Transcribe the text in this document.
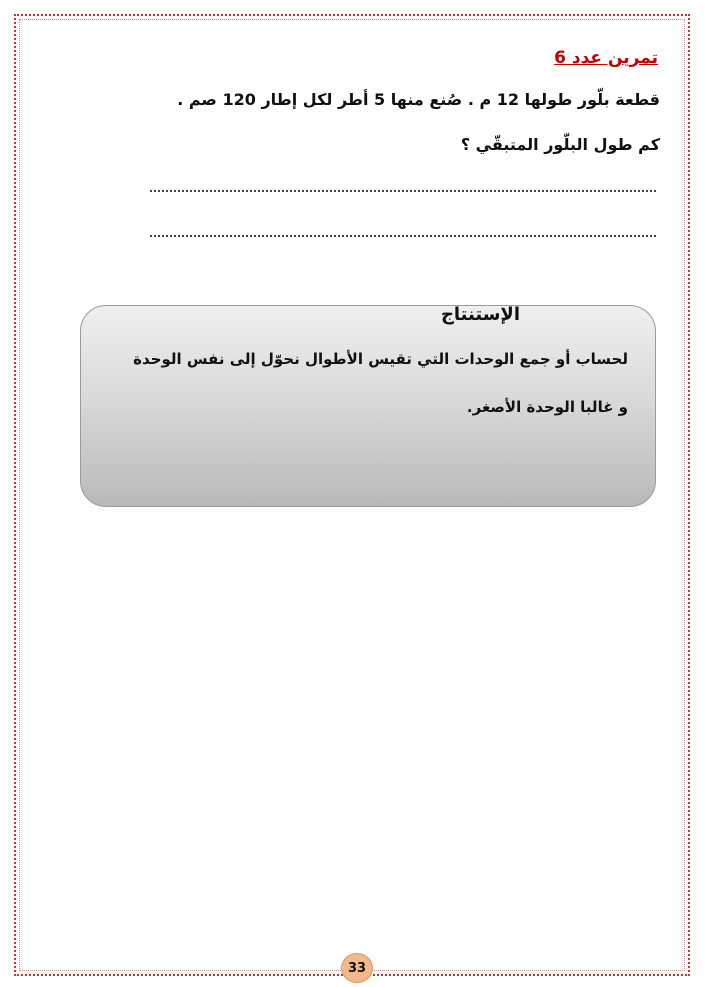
تمرين عدد 6
قطعة بلّور طولها 12 م . صُنع منها 5 أطر لكل إطار 120 صم .
كم طول البلّور المتبقّي ؟
الإستنتاج
لحساب أو جمع الوحدات التي تقيس الأطوال نحوّل إلى نفس الوحدة
و غالبا الوحدة الأصغر.
33
